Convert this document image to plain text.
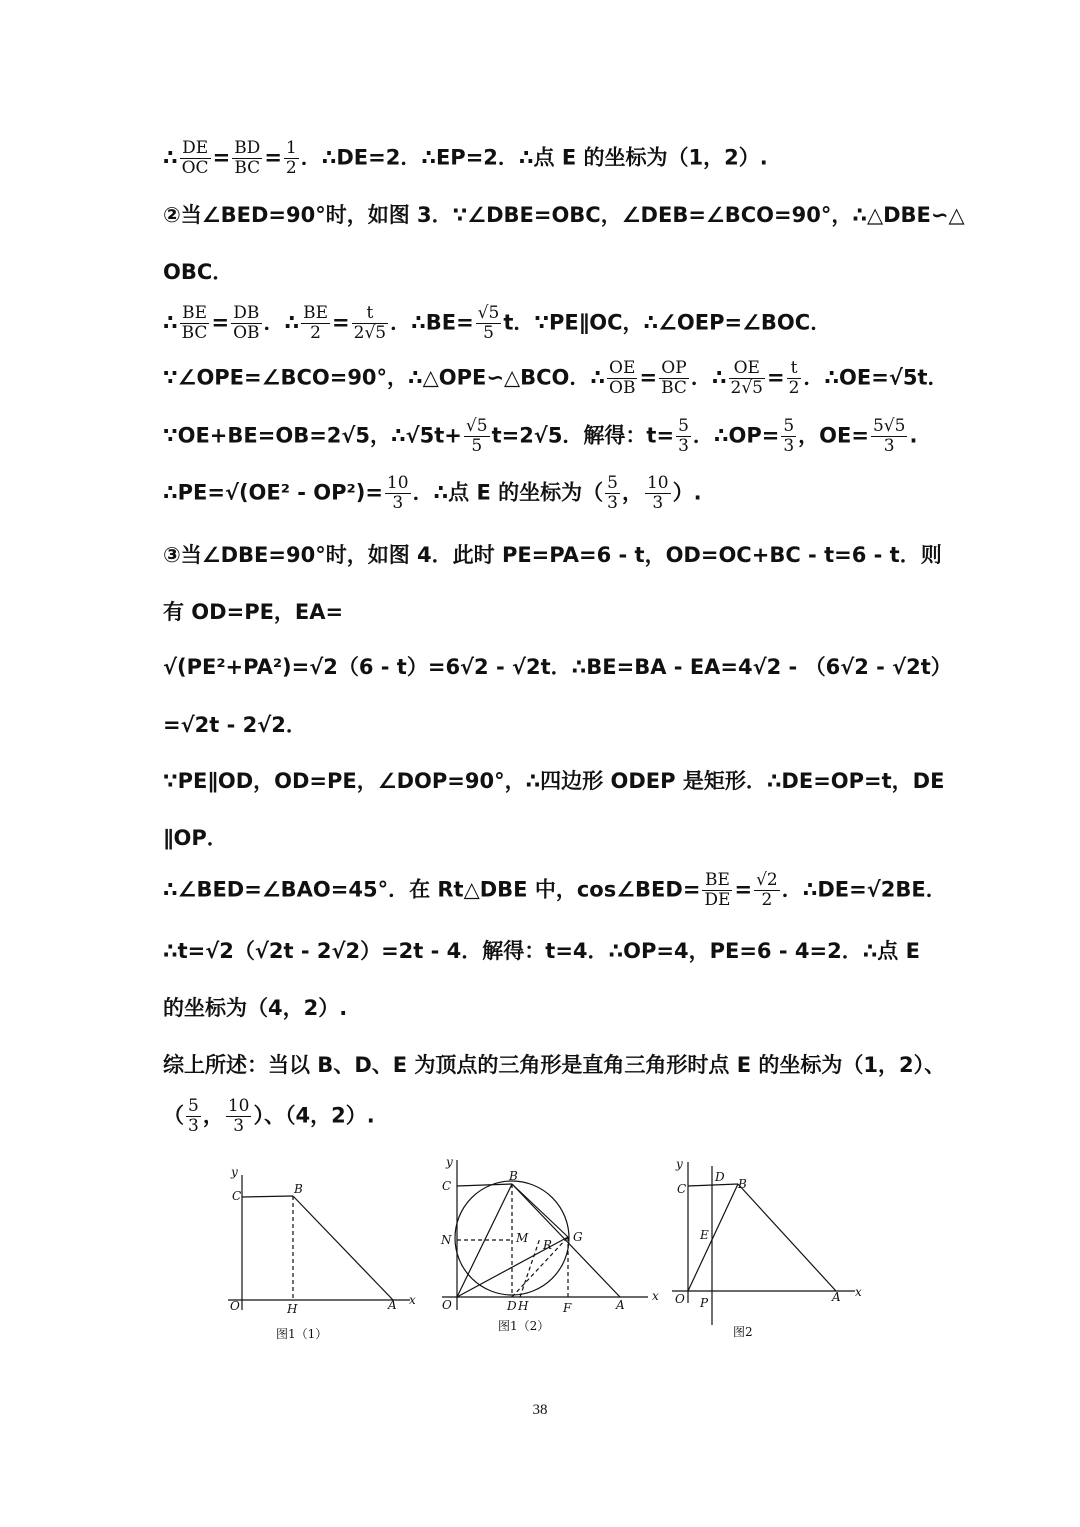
∴ $\frac{DE}{OC} = \frac{BD}{BC} = \frac{1}{2}$ ．∴DE=2．∴EP=2．∴点 E 的坐标为（1，2）.
②当∠BED=90°时，如图 3．∵∠DBE=OBC，∠DEB=∠BCO=90°，∴△DBE∽△
OBC．
∴ $\frac{BE}{BC} = \frac{DB}{OB}$ ．∴ $\frac{BE}{2} = \frac{t}{2√5}$ ．∴BE= $\frac{√5}{5}$ t．∵PE∥OC，∴∠OEP=∠BOC．
∵∠OPE=∠BCO=90°，∴△OPE∽△BCO．∴ $\frac{OE}{OB} = \frac{OP}{BC}$ ．∴ $\frac{OE}{2√5} = \frac{t}{2}$ ．∴OE=√5t．
∵OE+BE=OB=2√5，∴√5t+ $\frac{√5}{5} t=2√5$．解得：$t= \frac{5}{3}$ ．∴OP= $\frac{5}{3}$ ，$OE= \frac{5√5}{3}$ .
∴PE=√(OE² - $OP^2)= \frac{10}{3}$ ．∴点 E 的坐标为（ $\frac{5}{3}$ ， $\frac{10}{3}$ ）.
③当∠DBE=90°时，如图 4．此时 PE=PA=6 - t，OD=OC+BC - t=6 - t．则
有 OD=PE，EA=
√(PE²+PA²)=√2（6 - t）=6√2 - √2t．∴BE=BA - EA=4√2 - （6√2 - √2t）
=√2t - 2√2．
∵PE∥OD，OD=PE，∠DOP=90°，∴四边形 ODEP 是矩形．∴DE=OP=t，DE
∥OP．
∴∠BED=∠BAO=45°．在 Rt△DBE 中，cos∠BED= $\frac{BE}{DE} = \frac{√2}{2}$ ．∴DE=√2BE．
∴t=√2（√2t - 2√2）=2t - 4．解得：t=4．∴OP=4，PE=6 - 4=2．∴点 E
的坐标为（4，2）.
综上所述：当以 B、D、E 为顶点的三角形是直角三角形时点 E 的坐标为（1，2）、
（ $\frac{5}{3}$ ， $\frac{10}{3}$ ）、（4，2）.
y
x
C	B
O	H	A
图1（1）
y
x
C
B
N	M R
G
O	D H	F	A
图1（2）
y
x
C
D B
E
O P	A
图2
38
